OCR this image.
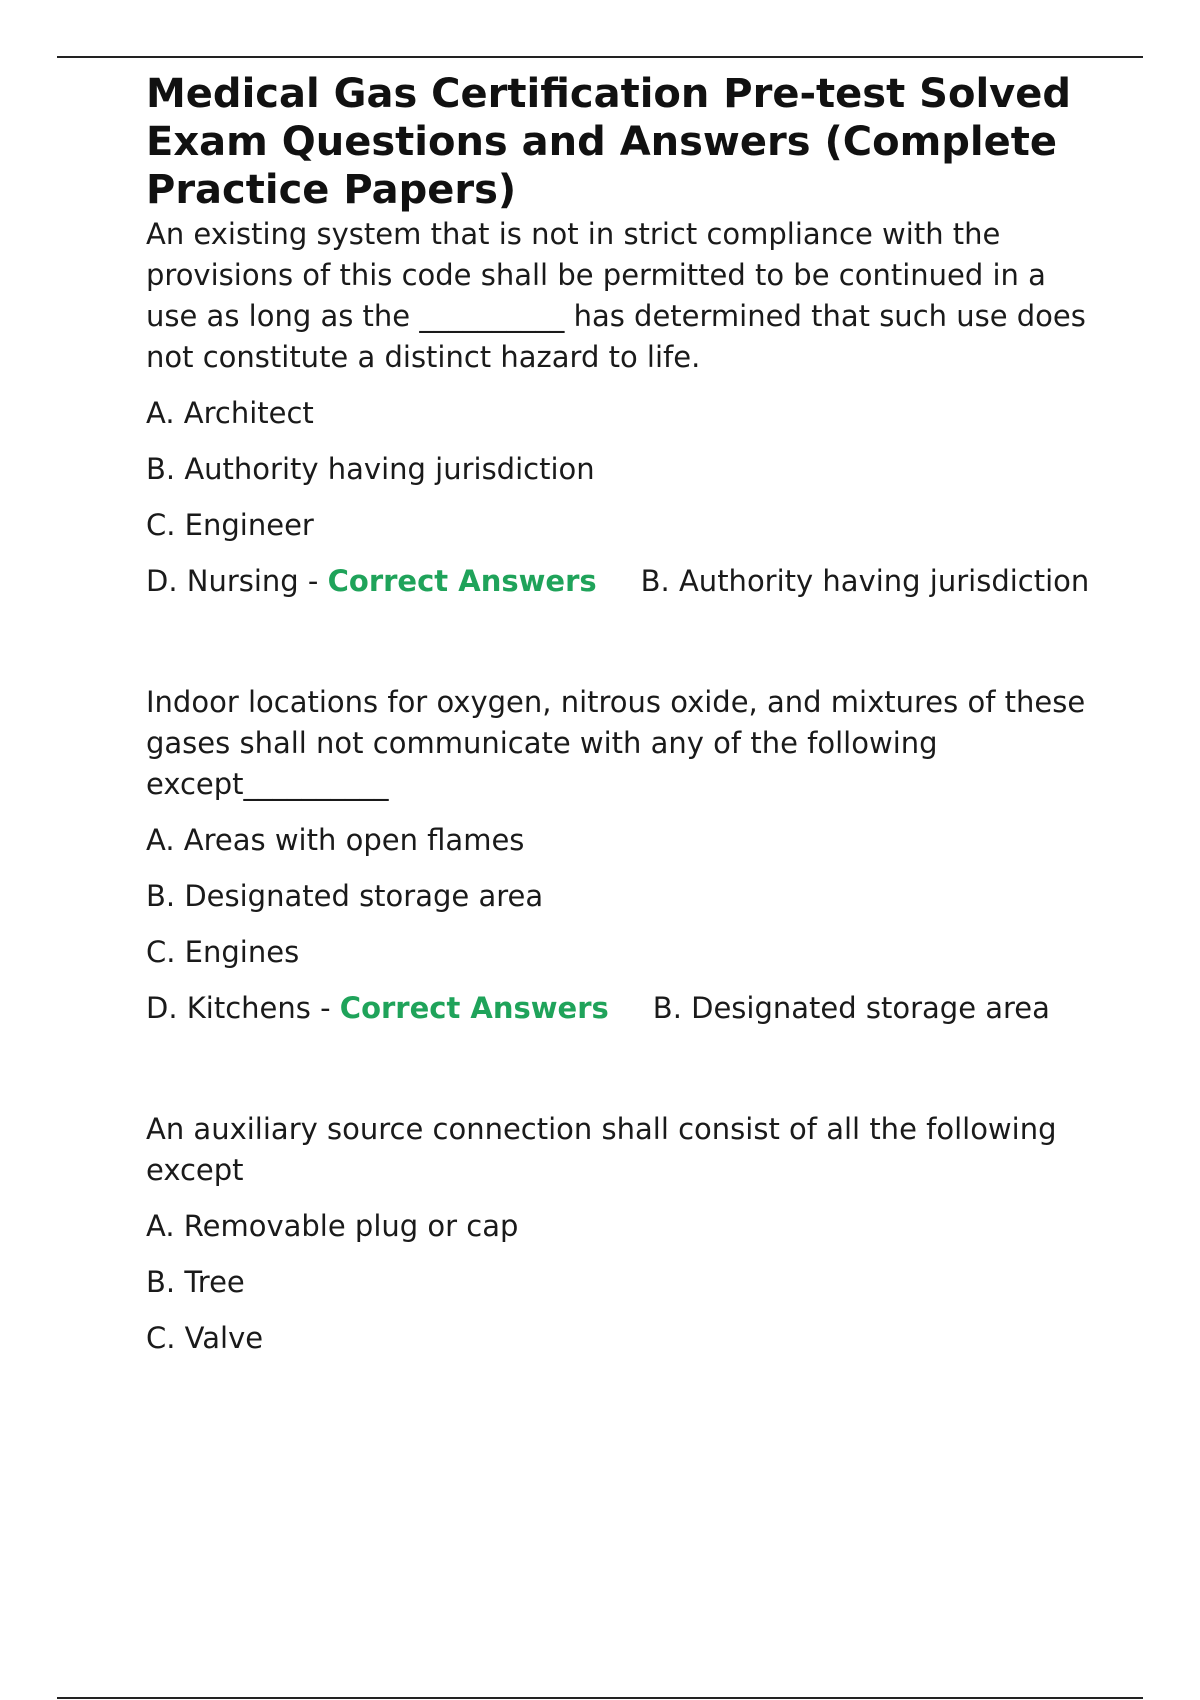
Medical Gas Certification Pre-test Solved Exam Questions and Answers (Complete Practice Papers)

An existing system that is not in strict compliance with the provisions of this code shall be permitted to be continued in a use as long as the __________ has determined that such use does not constitute a distinct hazard to life.

A. Architect

B. Authority having jurisdiction

C. Engineer

D. Nursing - Correct Answers B. Authority having jurisdiction

Indoor locations for oxygen, nitrous oxide, and mixtures of these gases shall not communicate with any of the following except__________

A. Areas with open flames

B. Designated storage area

C. Engines

D. Kitchens - Correct Answers B. Designated storage area

An auxiliary source connection shall consist of all the following except

A. Removable plug or cap

B. Tree

C. Valve
